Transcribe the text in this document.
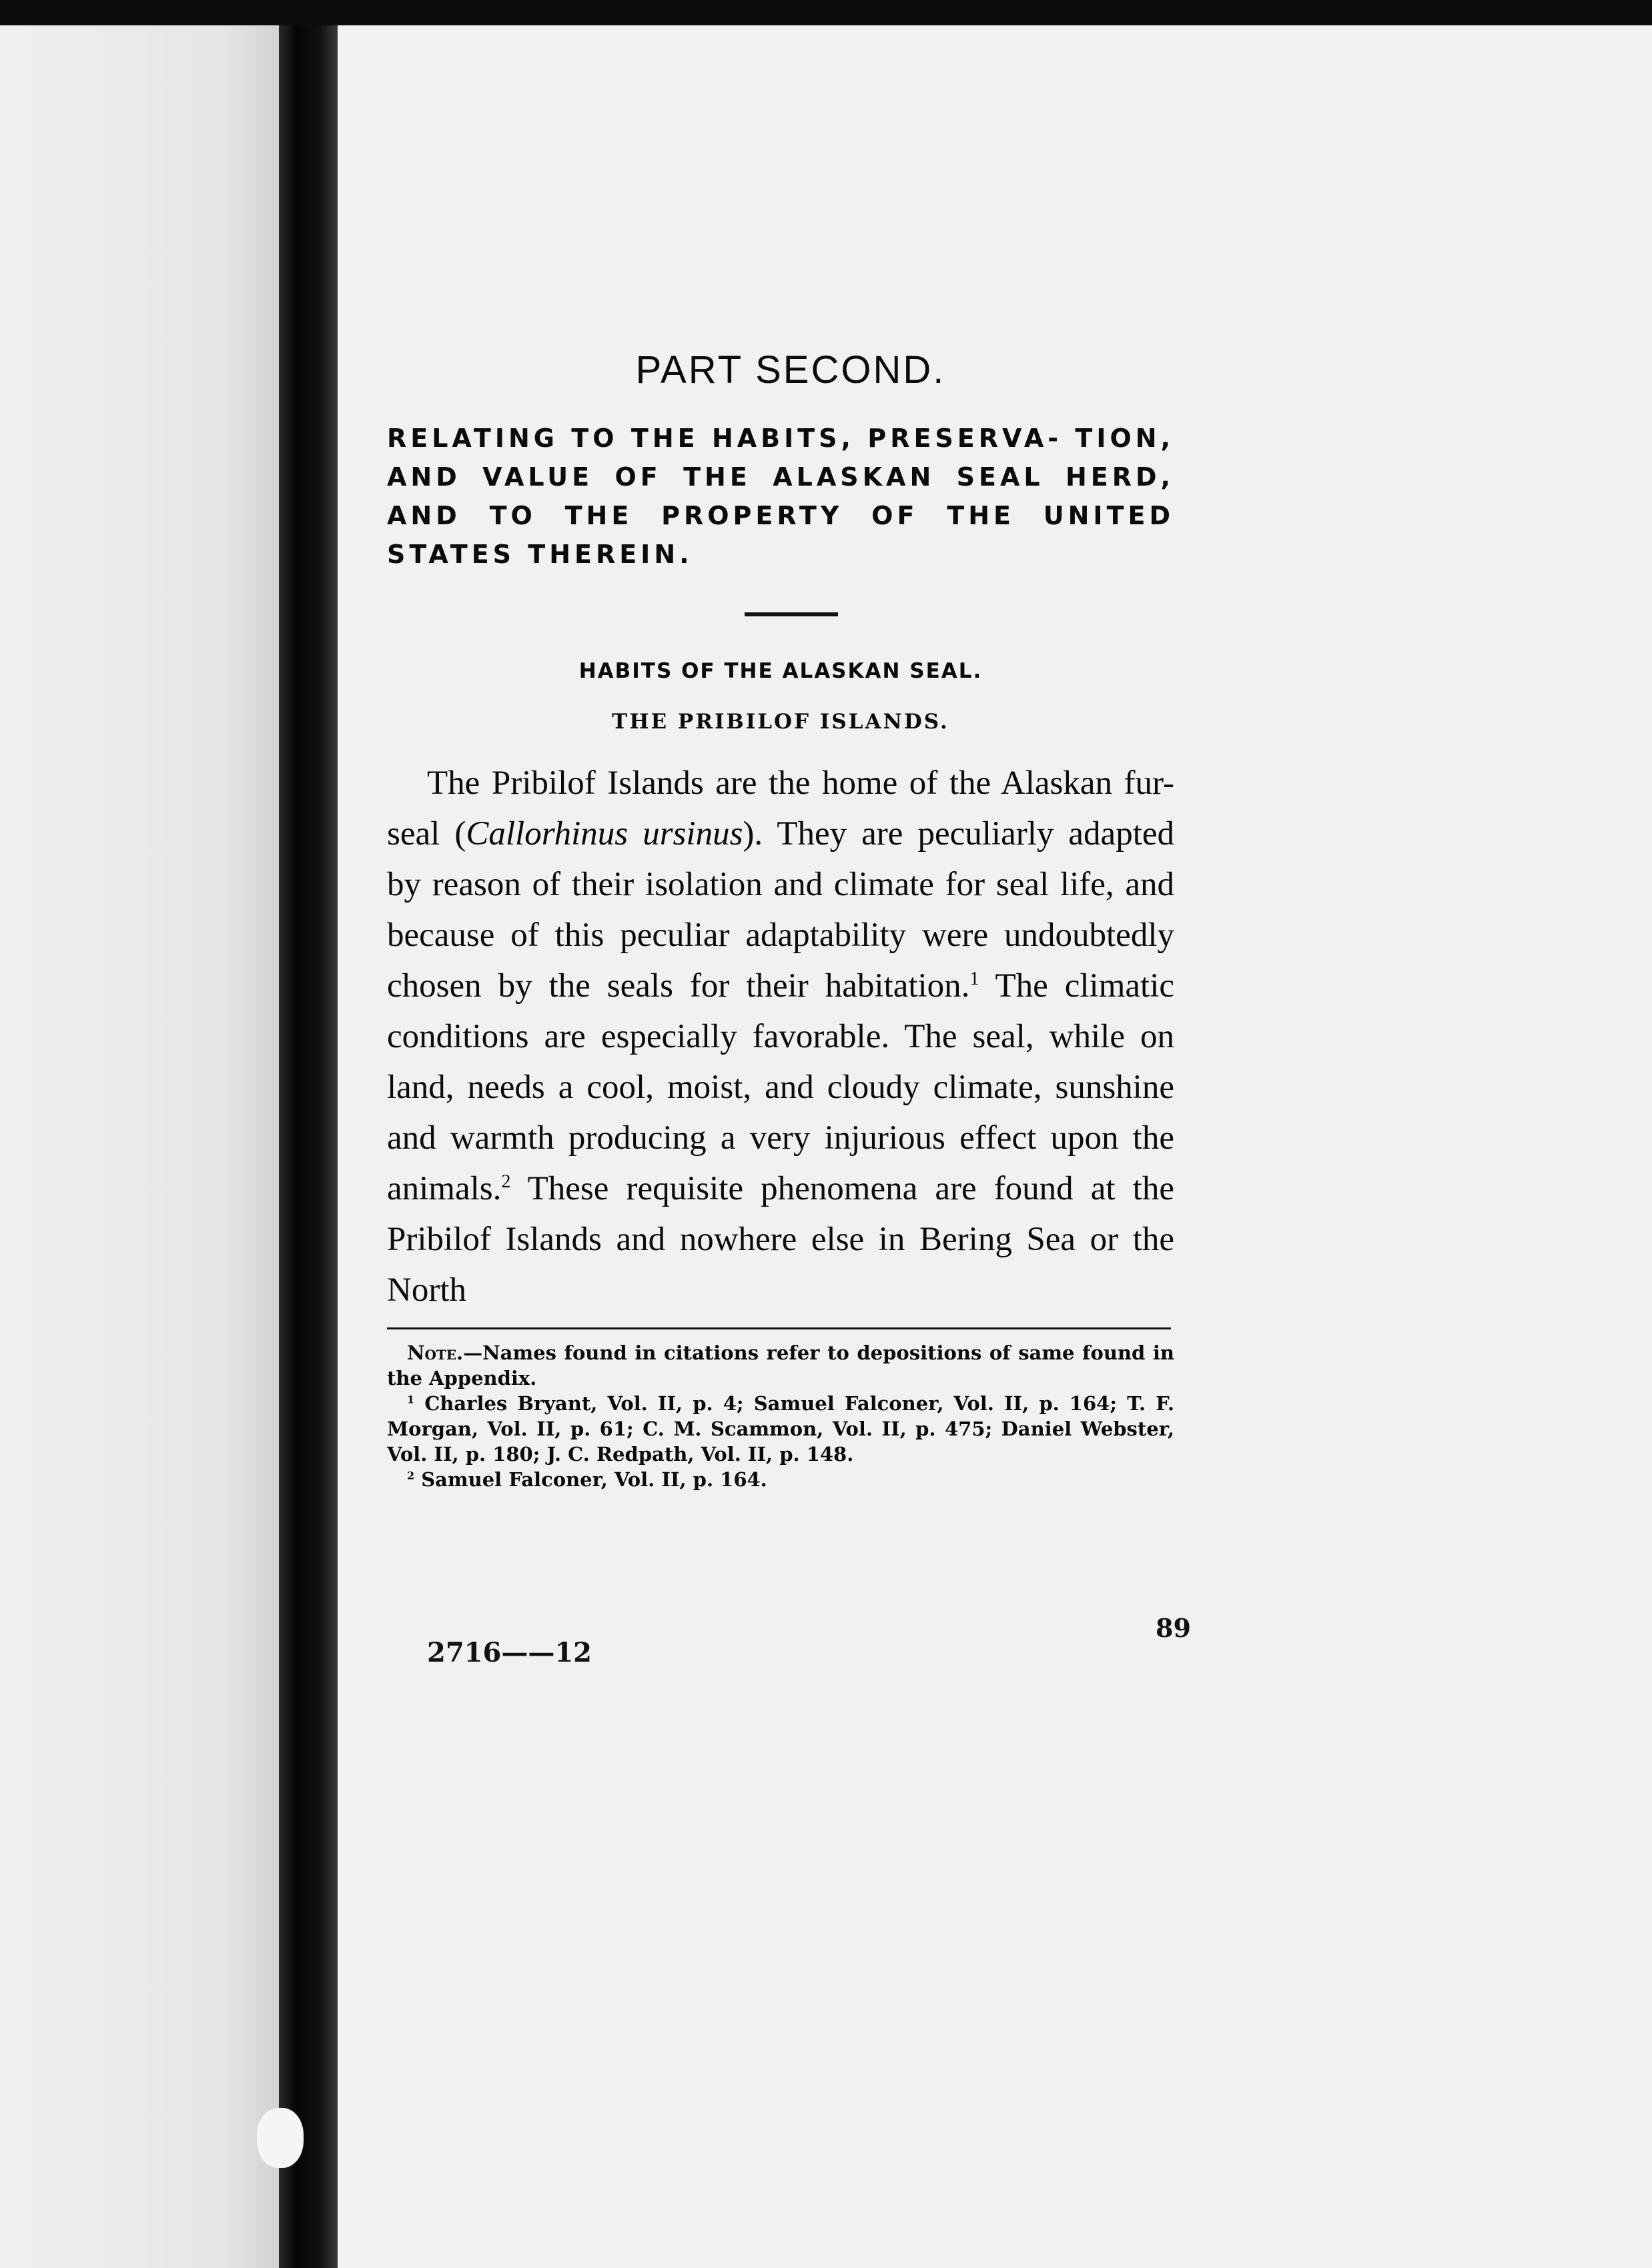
PART SECOND.

RELATING TO THE HABITS, PRESERVA- TION, AND VALUE OF THE ALASKAN SEAL HERD, AND TO THE PROPERTY OF THE UNITED STATES THEREIN.

HABITS OF THE ALASKAN SEAL.
THE PRIBILOF ISLANDS.

The Pribilof Islands are the home of the Alaskan fur-seal (Callorhinus ursinus). They are peculiarly adapted by reason of their isolation and climate for seal life, and because of this peculiar adaptability were undoubtedly chosen by the seals for their habitation.$^1$ The climatic conditions are especially favorable. The seal, while on land, needs a cool, moist, and cloudy climate, sunshine and warmth producing a very injurious effect upon the animals.$^2$ These requisite phenomena are found at the Pribilof Islands and nowhere else in Bering Sea or the North

Note.—Names found in citations refer to depositions of same found in the Appendix.

$^1$ Charles Bryant, Vol. II, p. 4; Samuel Falconer, Vol. II, p. 164; T. F. Morgan, Vol. II, p. 61; C. M. Scammon, Vol. II, p. 475; Daniel Webster, Vol. II, p. 180; J. C. Redpath, Vol. II, p. 148.

$^2$ Samuel Falconer, Vol. II, p. 164.

89
2716——12
